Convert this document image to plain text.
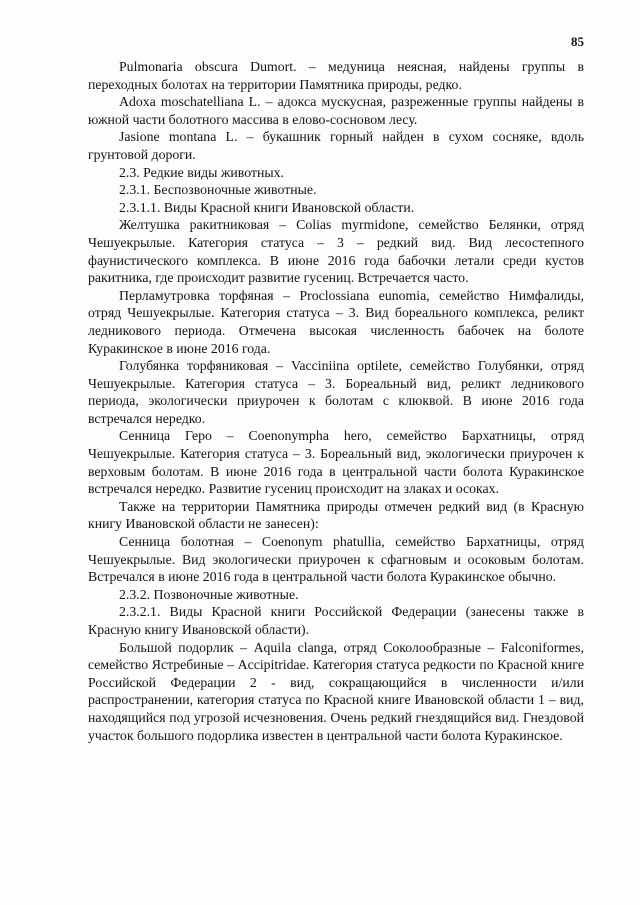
85

Pulmonaria obscura Dumort. – медуница неясная, найдены группы в переходных болотах на территории Памятника природы, редко.

Adoxa moschatelliana L. – адокса мускусная, разреженные группы найдены в южной части болотного массива в елово-сосновом лесу.

Jasione montana L. – букашник горный найден в сухом сосняке, вдоль грунтовой дороги.

2.3. Редкие виды животных.

2.3.1. Беспозвоночные животные.

2.3.1.1. Виды Красной книги Ивановской области.

Желтушка ракитниковая – Colias myrmidone, семейство Белянки, отряд Чешуекрылые. Категория статуса – 3 – редкий вид. Вид лесостепного фаунистического комплекса. В июне 2016 года бабочки летали среди кустов ракитника, где происходит развитие гусениц. Встречается часто.

Перламутровка торфяная – Proclossiana eunomia, семейство Нимфалиды, отряд Чешуекрылые. Категория статуса – 3. Вид бореального комплекса, реликт ледникового периода. Отмечена высокая численность бабочек на болоте Куракинское в июне 2016 года.

Голубянка торфяниковая – Vacciniina optilete, семейство Голубянки, отряд Чешуекрылые. Категория статуса – 3. Бореальный вид, реликт ледникового периода, экологически приурочен к болотам с клюквой. В июне 2016 года встречался нередко.

Сенница Геро – Coenonympha hero, семейство Бархатницы, отряд Чешуекрылые. Категория статуса – 3. Бореальный вид, экологически приурочен к верховым болотам. В июне 2016 года в центральной части болота Куракинское встречался нередко. Развитие гусениц происходит на злаках и осоках.

Также на территории Памятника природы отмечен редкий вид (в Красную книгу Ивановской области не занесен):

Сенница болотная – Coenonym phatullia, семейство Бархатницы, отряд Чешуекрылые. Вид экологически приурочен к сфагновым и осоковым болотам. Встречался в июне 2016 года в центральной части болота Куракинское обычно.

2.3.2. Позвоночные животные.

2.3.2.1. Виды Красной книги Российской Федерации (занесены также в Красную книгу Ивановской области).

Большой подорлик – Aquila clanga, отряд Соколообразные – Falconiformes, семейство Ястребиные – Accipitridae. Категория статуса редкости по Красной книге Российской Федерации 2 - вид, сокращающийся в численности и/или распространении, категория статуса по Красной книге Ивановской области 1 – вид, находящийся под угрозой исчезновения. Очень редкий гнездящийся вид. Гнездовой участок большого подорлика известен в центральной части болота Куракинское.
